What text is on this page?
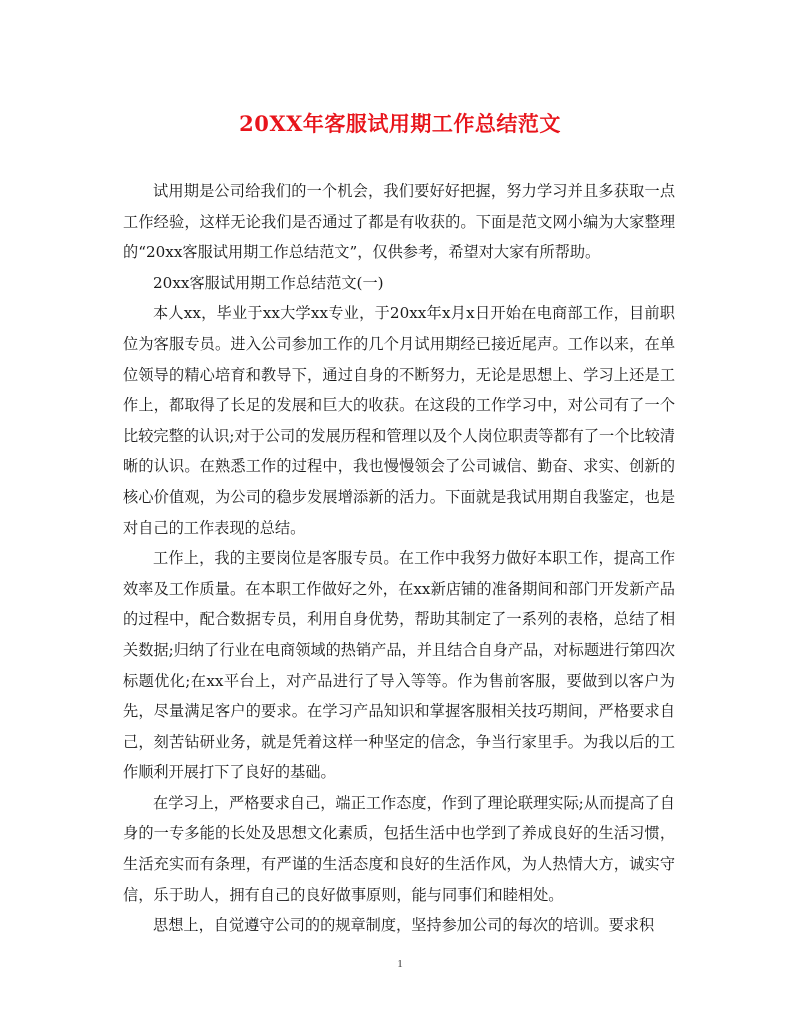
20XX年客服试用期工作总结范文

试用期是公司给我们的一个机会，我们要好好把握，努力学习并且多获取一点工作经验，这样无论我们是否通过了都是有收获的。下面是范文网小编为大家整理的“20xx客服试用期工作总结范文”，仅供参考，希望对大家有所帮助。

20xx客服试用期工作总结范文(一)

本人xx，毕业于xx大学xx专业，于20xx年x月x日开始在电商部工作，目前职位为客服专员。进入公司参加工作的几个月试用期经已接近尾声。工作以来，在单位领导的精心培育和教导下，通过自身的不断努力，无论是思想上、学习上还是工作上，都取得了长足的发展和巨大的收获。在这段的工作学习中，对公司有了一个比较完整的认识;对于公司的发展历程和管理以及个人岗位职责等都有了一个比较清晰的认识。在熟悉工作的过程中，我也慢慢领会了公司诚信、勤奋、求实、创新的核心价值观，为公司的稳步发展增添新的活力。下面就是我试用期自我鉴定，也是对自己的工作表现的总结。

工作上，我的主要岗位是客服专员。在工作中我努力做好本职工作，提高工作效率及工作质量。在本职工作做好之外，在xx新店铺的准备期间和部门开发新产品的过程中，配合数据专员，利用自身优势，帮助其制定了一系列的表格，总结了相关数据;归纳了行业在电商领域的热销产品，并且结合自身产品，对标题进行第四次标题优化;在xx平台上，对产品进行了导入等等。作为售前客服，要做到以客户为先，尽量满足客户的要求。在学习产品知识和掌握客服相关技巧期间，严格要求自己，刻苦钻研业务，就是凭着这样一种坚定的信念，争当行家里手。为我以后的工作顺利开展打下了良好的基础。

在学习上，严格要求自己，端正工作态度，作到了理论联理实际;从而提高了自身的一专多能的长处及思想文化素质，包括生活中也学到了养成良好的生活习惯，生活充实而有条理，有严谨的生活态度和良好的生活作风，为人热情大方，诚实守信，乐于助人，拥有自己的良好做事原则，能与同事们和睦相处。

思想上，自觉遵守公司的的规章制度，坚持参加公司的每次的培训。要求积

1
